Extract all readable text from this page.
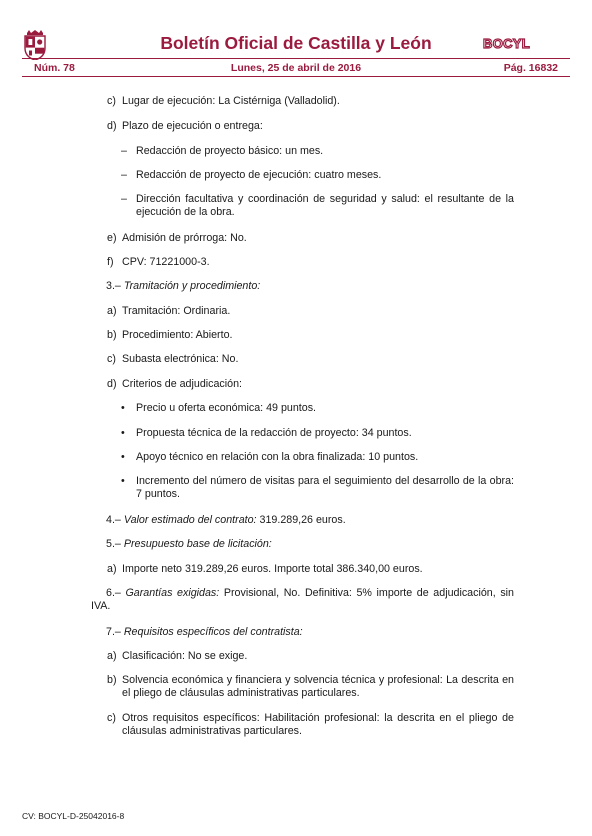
Boletín Oficial de Castilla y León	BOCYL
Núm. 78	Lunes, 25 de abril de 2016	Pág. 16832

c) Lugar de ejecución: La Cistérniga (Valladolid).

d) Plazo de ejecución o entrega:

– Redacción de proyecto básico: un mes.

– Redacción de proyecto de ejecución: cuatro meses.

– Dirección facultativa y coordinación de seguridad y salud: el resultante de la ejecución de la obra.

e) Admisión de prórroga: No.

f) CPV: 71221000-3.

3.– Tramitación y procedimiento:

a) Tramitación: Ordinaria.

b) Procedimiento: Abierto.

c) Subasta electrónica: No.

d) Criterios de adjudicación:

• Precio u oferta económica: 49 puntos.

• Propuesta técnica de la redacción de proyecto: 34 puntos.

• Apoyo técnico en relación con la obra finalizada: 10 puntos.

•	Incremento del número de visitas para el seguimiento del desarrollo de la obra: 7 puntos.

4.– Valor estimado del contrato: 319.289,26 euros.

5.– Presupuesto base de licitación:

a) Importe neto 319.289,26 euros. Importe total 386.340,00 euros.

6.– Garantías exigidas: Provisional, No. Definitiva: 5% importe de adjudicación, sin IVA.

7.– Requisitos específicos del contratista:

a) Clasificación: No se exige.

b) Solvencia económica y financiera y solvencia técnica y profesional: La descrita en el pliego de cláusulas administrativas particulares.

c) Otros requisitos específicos: Habilitación profesional: la descrita en el pliego de cláusulas administrativas particulares.

CV: BOCYL-D-25042016-8
